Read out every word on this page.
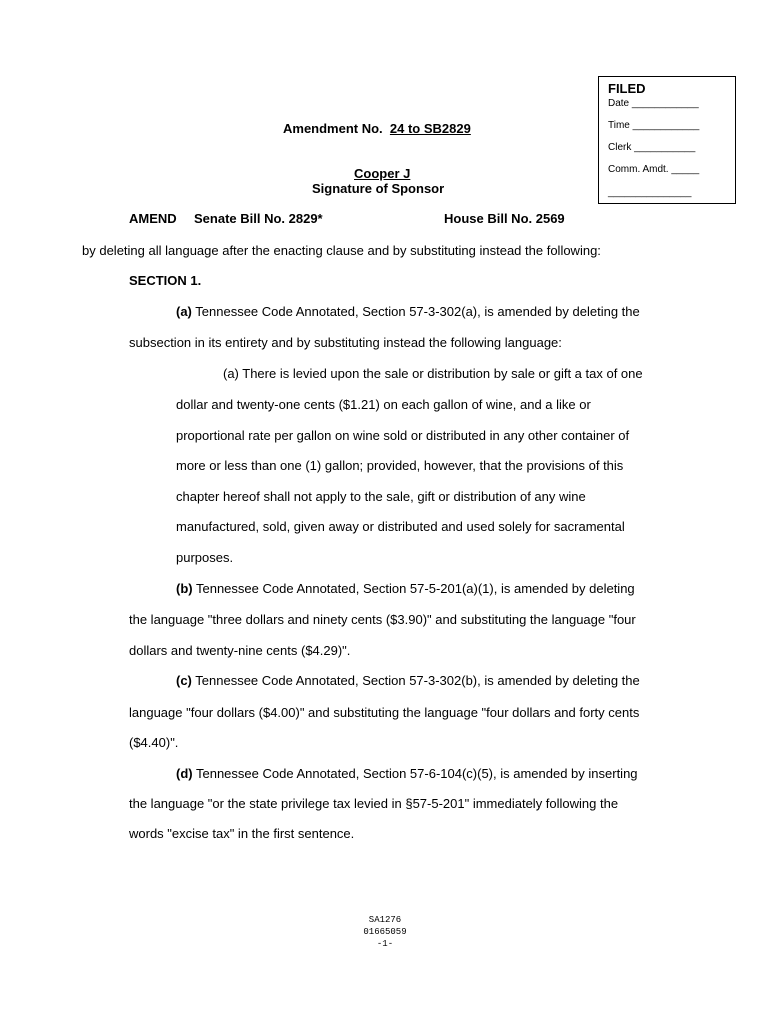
FILED
Date ____________
Time ____________
Clerk ___________
Comm. Amdt. _____
_______________
Amendment No. 24 to SB2829
Cooper J
Signature of Sponsor
AMEND Senate Bill No. 2829*	House Bill No. 2569
by deleting all language after the enacting clause and by substituting instead the following:
SECTION 1.
(a) Tennessee Code Annotated, Section 57-3-302(a), is amended by deleting the
subsection in its entirety and by substituting instead the following language:
(a) There is levied upon the sale or distribution by sale or gift a tax of one
dollar and twenty-one cents ($1.21) on each gallon of wine, and a like or
proportional rate per gallon on wine sold or distributed in any other container of
more or less than one (1) gallon; provided, however, that the provisions of this
chapter hereof shall not apply to the sale, gift or distribution of any wine
manufactured, sold, given away or distributed and used solely for sacramental
purposes.
(b) Tennessee Code Annotated, Section 57-5-201(a)(1), is amended by deleting
the language "three dollars and ninety cents ($3.90)" and substituting the language "four
dollars and twenty-nine cents ($4.29)".
(c) Tennessee Code Annotated, Section 57-3-302(b), is amended by deleting the
language "four dollars ($4.00)" and substituting the language "four dollars and forty cents
($4.40)".
(d) Tennessee Code Annotated, Section 57-6-104(c)(5), is amended by inserting
the language "or the state privilege tax levied in §57-5-201" immediately following the
words "excise tax" in the first sentence.
SA1276
01665059
-1-
